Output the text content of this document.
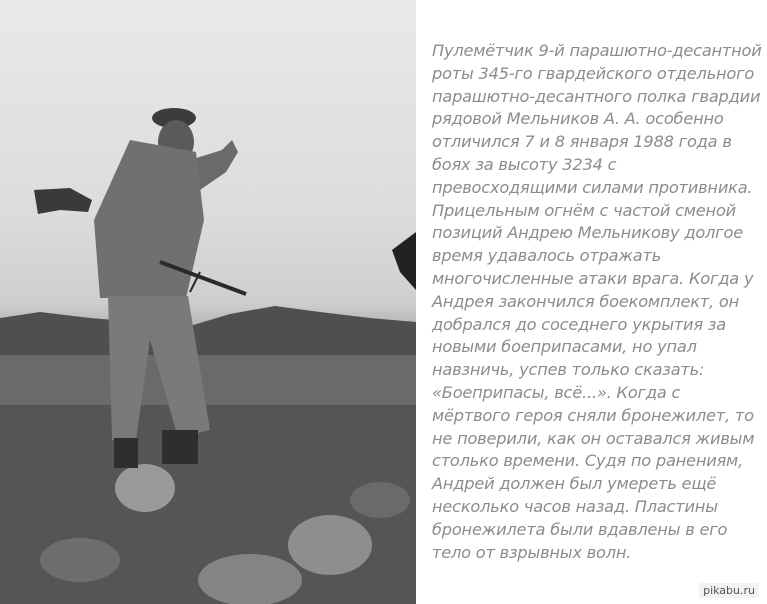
Пулемётчик 9-й парашютно-десантной роты 345-го гвардейского отдельного парашютно-десантного полка гвардии рядовой Мельников А. А. особенно отличился 7 и 8 января 1988 года в боях за высоту 3234 с превосходящими силами противника. Прицельным огнём с частой сменой позиций Андрею Мельникову долгое время удавалось отражать многочисленные атаки врага. Когда у Андрея закончился боекомплект, он добрался до соседнего укрытия за новыми боеприпасами, но упал навзничь, успев только сказать: «Боеприпасы, всё...». Когда с мёртвого героя сняли бронежилет, то не поверили, как он оставался живым столько времени. Судя по ранениям, Андрей должен был умереть ещё несколько часов назад. Пластины бронежилета были вдавлены в его тело от взрывных волн.
pikabu.ru
